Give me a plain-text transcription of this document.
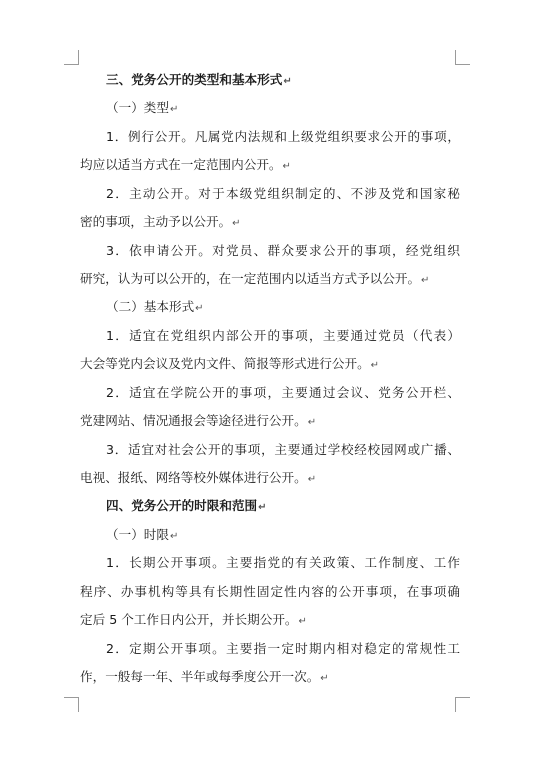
三、党务公开的类型和基本形式↵
（一）类型↵
1．例行公开。凡属党内法规和上级党组织要求公开的事项，
均应以适当方式在一定范围内公开。↵
2．主动公开。对于本级党组织制定的、不涉及党和国家秘
密的事项，主动予以公开。↵
3．依申请公开。对党员、群众要求公开的事项，经党组织
研究，认为可以公开的，在一定范围内以适当方式予以公开。↵
（二）基本形式↵
1．适宜在党组织内部公开的事项，主要通过党员（代表）
大会等党内会议及党内文件、简报等形式进行公开。↵
2．适宜在学院公开的事项，主要通过会议、党务公开栏、
党建网站、情况通报会等途径进行公开。↵
3．适宜对社会公开的事项，主要通过学校经校园网或广播、
电视、报纸、网络等校外媒体进行公开。↵
四、党务公开的时限和范围↵
（一）时限↵
1．长期公开事项。主要指党的有关政策、工作制度、工作
程序、办事机构等具有长期性固定性内容的公开事项，在事项确
定后 5 个工作日内公开，并长期公开。↵
2．定期公开事项。主要指一定时期内相对稳定的常规性工
作，一般每一年、半年或每季度公开一次。↵
